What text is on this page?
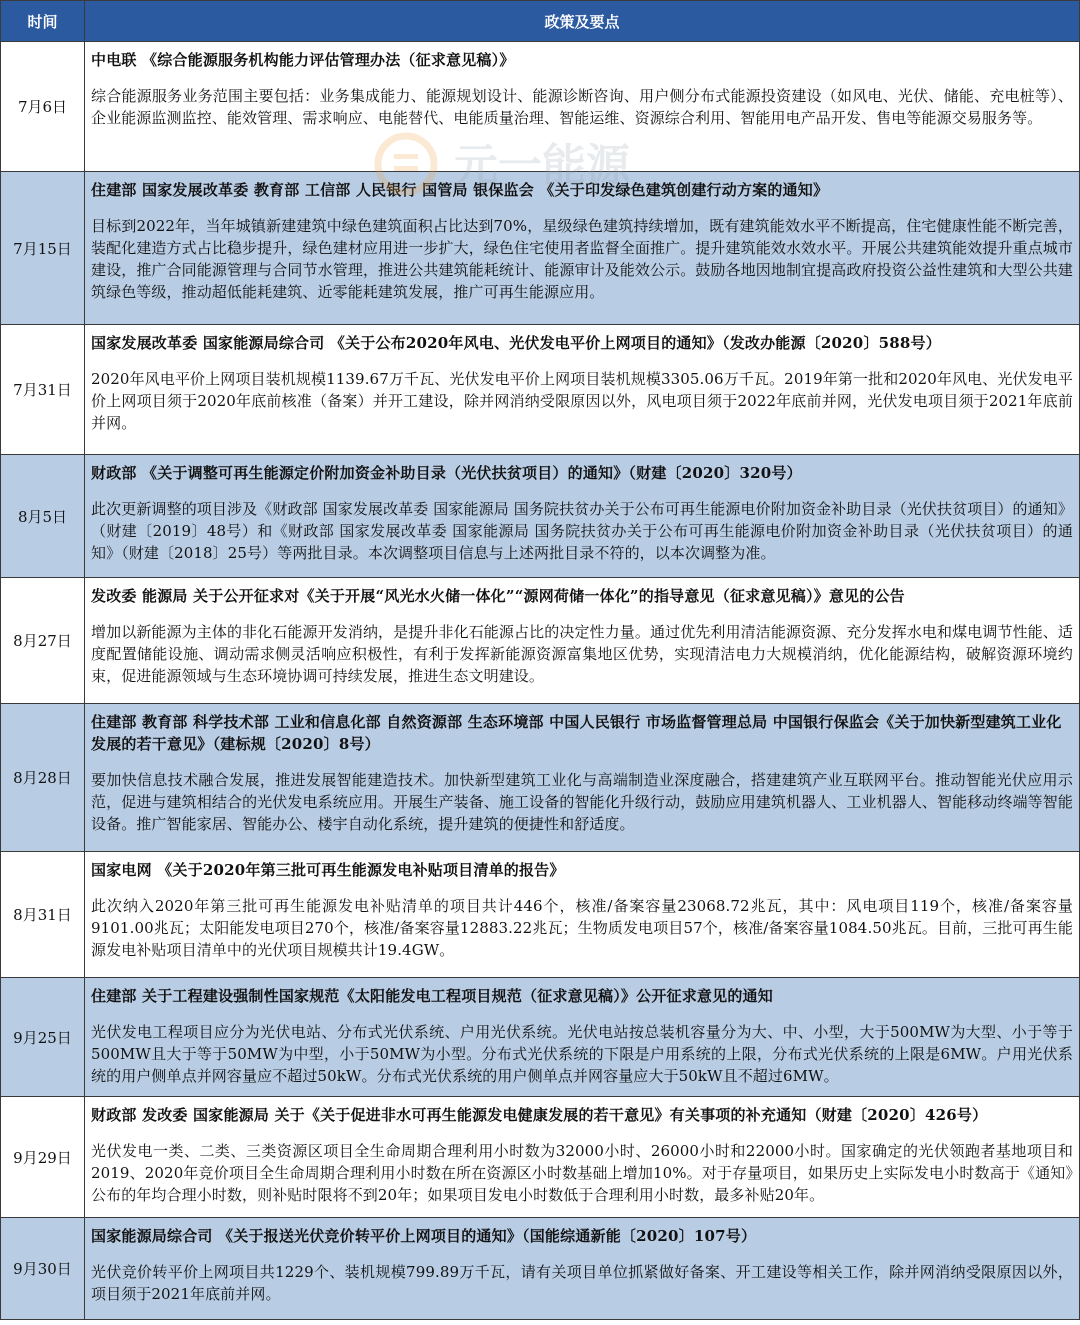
时间	政策及要点
7月6日	中电联 《综合能源服务机构能力评估管理办法（征求意见稿）》
综合能源服务业务范围主要包括：业务集成能力、能源规划设计、能源诊断咨询、用户侧分布式能源投资建设（如风电、光伏、储能、充电桩等）、企业能源监测监控、能效管理、需求响应、电能替代、电能质量治理、智能运维、资源综合利用、智能用电产品开发、售电等能源交易服务等。

7月15日	住建部 国家发展改革委 教育部 工信部 人民银行 国管局 银保监会 《关于印发绿色建筑创建行动方案的通知》
目标到2022年，当年城镇新建建筑中绿色建筑面积占比达到70%，星级绿色建筑持续增加，既有建筑能效水平不断提高，住宅健康性能不断完善，装配化建造方式占比稳步提升，绿色建材应用进一步扩大，绿色住宅使用者监督全面推广。提升建筑能效水效水平。开展公共建筑能效提升重点城市建设，推广合同能源管理与合同节水管理，推进公共建筑能耗统计、能源审计及能效公示。鼓励各地因地制宜提高政府投资公益性建筑和大型公共建筑绿色等级，推动超低能耗建筑、近零能耗建筑发展，推广可再生能源应用。

7月31日	国家发展改革委 国家能源局综合司 《关于公布2020年风电、光伏发电平价上网项目的通知》（发改办能源〔2020〕588号）
2020年风电平价上网项目装机规模1139.67万千瓦、光伏发电平价上网项目装机规模3305.06万千瓦。2019年第一批和2020年风电、光伏发电平价上网项目须于2020年底前核准（备案）并开工建设，除并网消纳受限原因以外，风电项目须于2022年底前并网，光伏发电项目须于2021年底前并网。

8月5日	财政部 《关于调整可再生能源定价附加资金补助目录（光伏扶贫项目）的通知》（财建〔2020〕320号）
此次更新调整的项目涉及《财政部 国家发展改革委 国家能源局 国务院扶贫办关于公布可再生能源电价附加资金补助目录（光伏扶贫项目）的通知》（财建〔2019〕48号）和《财政部 国家发展改革委 国家能源局 国务院扶贫办关于公布可再生能源电价附加资金补助目录（光伏扶贫项目）的通知》（财建〔2018〕25号）等两批目录。本次调整项目信息与上述两批目录不符的，以本次调整为准。

8月27日	发改委 能源局 关于公开征求对《关于开展“风光水火储一体化”“源网荷储一体化”的指导意见（征求意见稿）》意见的公告
增加以新能源为主体的非化石能源开发消纳，是提升非化石能源占比的决定性力量。通过优先利用清洁能源资源、充分发挥水电和煤电调节性能、适度配置储能设施、调动需求侧灵活响应积极性，有利于发挥新能源资源富集地区优势，实现清洁电力大规模消纳，优化能源结构，破解资源环境约束，促进能源领域与生态环境协调可持续发展，推进生态文明建设。

8月28日	住建部 教育部 科学技术部 工业和信息化部 自然资源部 生态环境部 中国人民银行 市场监督管理总局 中国银行保监会《关于加快新型建筑工业化发展的若干意见》（建标规〔2020〕8号）
要加快信息技术融合发展，推进发展智能建造技术。加快新型建筑工业化与高端制造业深度融合，搭建建筑产业互联网平台。推动智能光伏应用示范，促进与建筑相结合的光伏发电系统应用。开展生产装备、施工设备的智能化升级行动，鼓励应用建筑机器人、工业机器人、智能移动终端等智能设备。推广智能家居、智能办公、楼宇自动化系统，提升建筑的便捷性和舒适度。

8月31日	国家电网 《关于2020年第三批可再生能源发电补贴项目清单的报告》
此次纳入2020年第三批可再生能源发电补贴清单的项目共计446个，核准/备案容量23068.72兆瓦，其中：风电项目119个，核准/备案容量9101.00兆瓦；太阳能发电项目270个，核准/备案容量12883.22兆瓦；生物质发电项目57个，核准/备案容量1084.50兆瓦。目前，三批可再生能源发电补贴项目清单中的光伏项目规模共计19.4GW。

9月25日	住建部 关于工程建设强制性国家规范《太阳能发电工程项目规范（征求意见稿）》公开征求意见的通知
光伏发电工程项目应分为光伏电站、分布式光伏系统、户用光伏系统。光伏电站按总装机容量分为大、中、小型，大于500MW为大型、小于等于500MW且大于等于50MW为中型，小于50MW为小型。分布式光伏系统的下限是户用系统的上限，分布式光伏系统的上限是6MW。户用光伏系统的用户侧单点并网容量应不超过50kW。分布式光伏系统的用户侧单点并网容量应大于50kW且不超过6MW。

9月29日	财政部 发改委 国家能源局 关于《关于促进非水可再生能源发电健康发展的若干意见》有关事项的补充通知（财建〔2020〕426号）
光伏发电一类、二类、三类资源区项目全生命周期合理利用小时数为32000小时、26000小时和22000小时。国家确定的光伏领跑者基地项目和2019、2020年竞价项目全生命周期合理利用小时数在所在资源区小时数基础上增加10%。对于存量项目，如果历史上实际发电小时数高于《通知》公布的年均合理小时数，则补贴时限将不到20年；如果项目发电小时数低于合理利用小时数，最多补贴20年。

9月30日	国家能源局综合司 《关于报送光伏竞价转平价上网项目的通知》（国能综通新能〔2020〕107号）
光伏竞价转平价上网项目共1229个、装机规模799.89万千瓦，请有关项目单位抓紧做好备案、开工建设等相关工作，除并网消纳受限原因以外，项目须于2021年底前并网。
元一能源
